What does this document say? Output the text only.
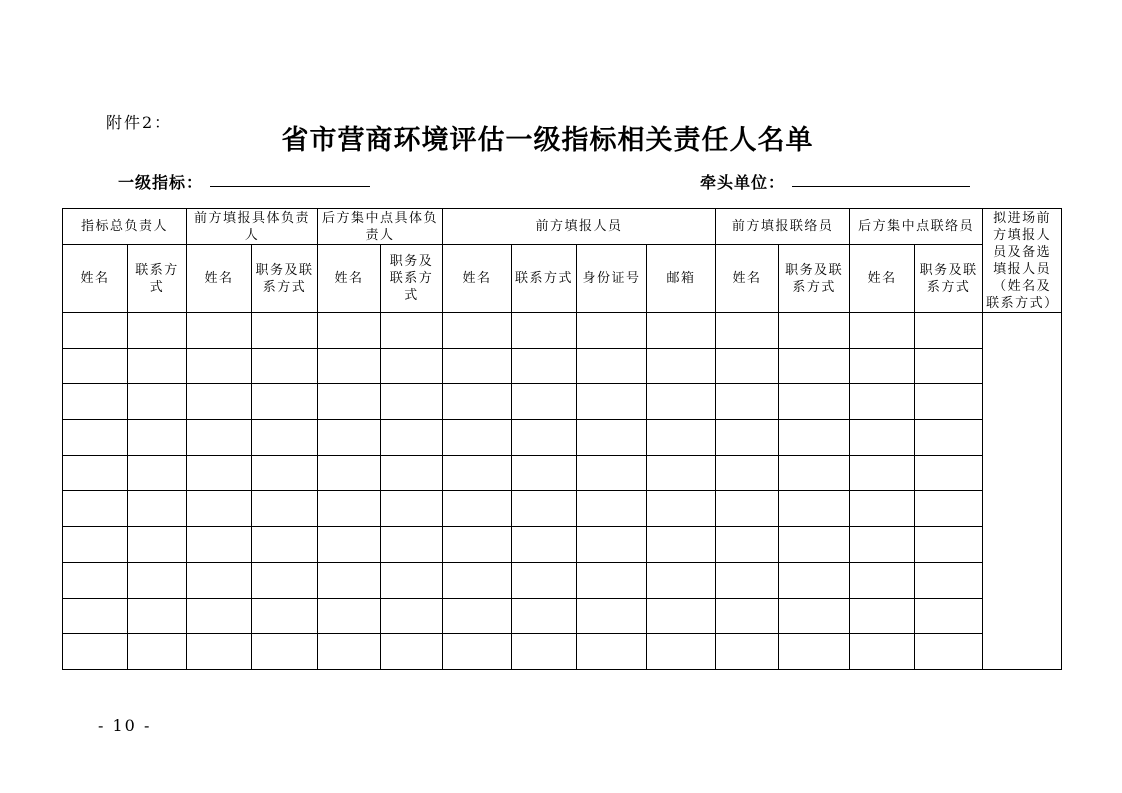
附件2：
省市营商环境评估一级指标相关责任人名单
一级指标：	牵头单位：
指标总负责人		前方填报具体负责人		后方集中点具体负责人		前方填报人员				前方填报联络员		后方集中点联络员		拟进场前方填报人员及备选填报人员（姓名及联系方式）
姓名	联系方式	姓名	职务及联系方式	姓名	职务及联系方式	姓名	联系方式	身份证号	邮箱	姓名	职务及联系方式	姓名	职务及联系方式	

- 10 -
